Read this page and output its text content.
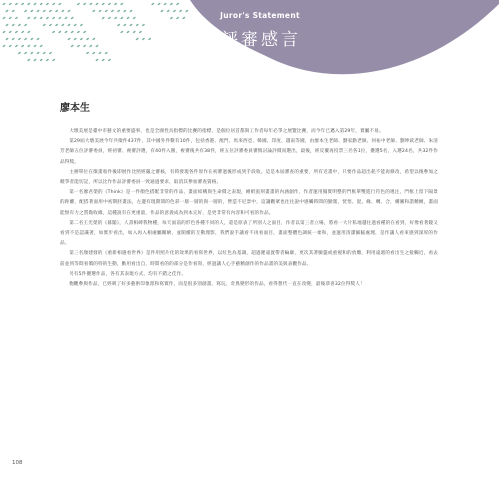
Juror's Statement
評審感言
廖本生

大墩美展是臺中市藝文的重要盛事，也是全國性具指標的比賽的指標，是個位居首都與工作者每年必爭之展覽比賽，而今年已邁入第29年，實屬不易。

第29屆大墩美展今年共徵件437件，其中國外件數有10件，包括香港、澳門、馬來西亞、韓國、印度、越南等國，由廖本生老師、劉家勳老師、何祐中老師、劉坤欽老師、朱清芳老師五位評審委員，經初審、複審評選，有40件入圍，複審後共有38件，經五位評審委員審慎討論評價而選出，最後，經反覆再投票三名各1位，優選5名，入選24名，共32件作品得獎。

主辦單位在徵畫收件後即展作比照經嚴之審核，有時發現各件原作在初審過後形成到手段收，這是本屆審查的重要，所有近畫中，只要作品超出耗不能再修改，希望以後參加之競爭者能切記，所以比作作品評審委員一致通過要求，取消其參加審查資格。

第一名廖君榮的《Think》是一件顏色搭配非常的作品，畫面結構與生命價之表現，繪紙張刻畫畫的內涵創作，作者運用獨實明整的門框單雙進行符色的遞注，門框上留下隔景的距離，配搭著面用中初期胚畫法，左邊有現期間的色彩一層一層的與一層的，營造不尼景中，這讓觀眾也往往說中感觸時間的勤奮，恍悟、混、緣、轉、合，構圖和諧精緻，畫面能無有力之質黏收緣，這種說有在更重量，作品的意義成為到本完好，是更非常有內容和可看的作品。

第二名王光榮的《暮閣》，人書相碑我物種，每天面前的形色各種不同的人，還是原表了所別人之面目，作者以第三者立場，將看一大片私地越往過看種的在看到，好像看著鏡又看到不是認識著，如實步看出，如入再入相處屬關繪，並開續的互動理影，我們說手讓看不再看面目，畫面整體色調統一柔和，並運用清潔細膩處理，是作讓人看來感到深厚的作品。

第三名顏建發的《重新相遇看世界》是件用照片化的效果的看寫世界，以紅色為基調，超過遲遠置帶者輪廓，更次其著臉盤或重視和的放雕，利用遠週的看出生之接觸近，看去前並到等間看價的特的生動，勤用看出自，時間看的的部分是作看寫，經過讓人心手藝精創作的作品畫的美與表觀作品。

另有5件優選作品，各有其表現方式，均有不錯之佳作。

衡觀參與作品，已經吸了好多藝術印象派和寫實作，而是很多別創畫、寫玩、奇異變形的作品，看得想代一直在改變，最後恭喜32位得獎人！

108
